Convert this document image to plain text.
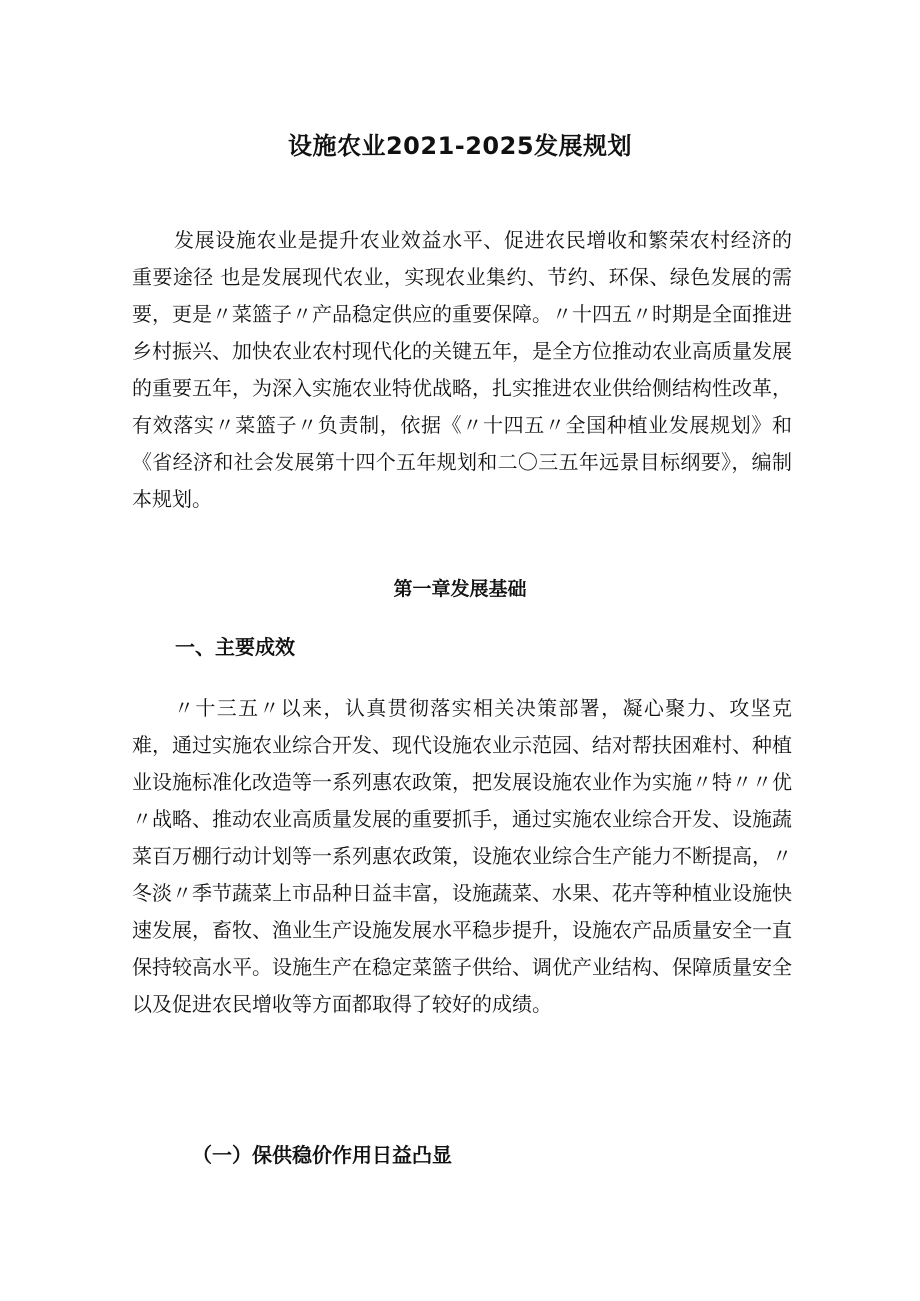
设施农业2021-2025发展规划

发展设施农业是提升农业效益水平、促进农民增收和繁荣农村经济的重要途径 也是发展现代农业，实现农业集约、节约、环保、绿色发展的需要，更是〃菜篮子〃产品稳定供应的重要保障。〃十四五〃时期是全面推进乡村振兴、加快农业农村现代化的关键五年，是全方位推动农业高质量发展的重要五年，为深入实施农业特优战略，扎实推进农业供给侧结构性改革，有效落实〃菜篮子〃负责制，依据《〃十四五〃全国种植业发展规划》和《省经济和社会发展第十四个五年规划和二〇三五年远景目标纲要》，编制本规划。

第一章发展基础
一、主要成效

〃十三五〃以来，认真贯彻落实相关决策部署，凝心聚力、攻坚克难，通过实施农业综合开发、现代设施农业示范园、结对帮扶困难村、种植业设施标准化改造等一系列惠农政策，把发展设施农业作为实施〃特〃〃优〃战略、推动农业高质量发展的重要抓手，通过实施农业综合开发、设施蔬菜百万棚行动计划等一系列惠农政策，设施农业综合生产能力不断提高，〃冬淡〃季节蔬菜上市品种日益丰富，设施蔬菜、水果、花卉等种植业设施快速发展，畜牧、渔业生产设施发展水平稳步提升，设施农产品质量安全一直保持较高水平。设施生产在稳定菜篮子供给、调优产业结构、保障质量安全以及促进农民增收等方面都取得了较好的成绩。

（一）保供稳价作用日益凸显
